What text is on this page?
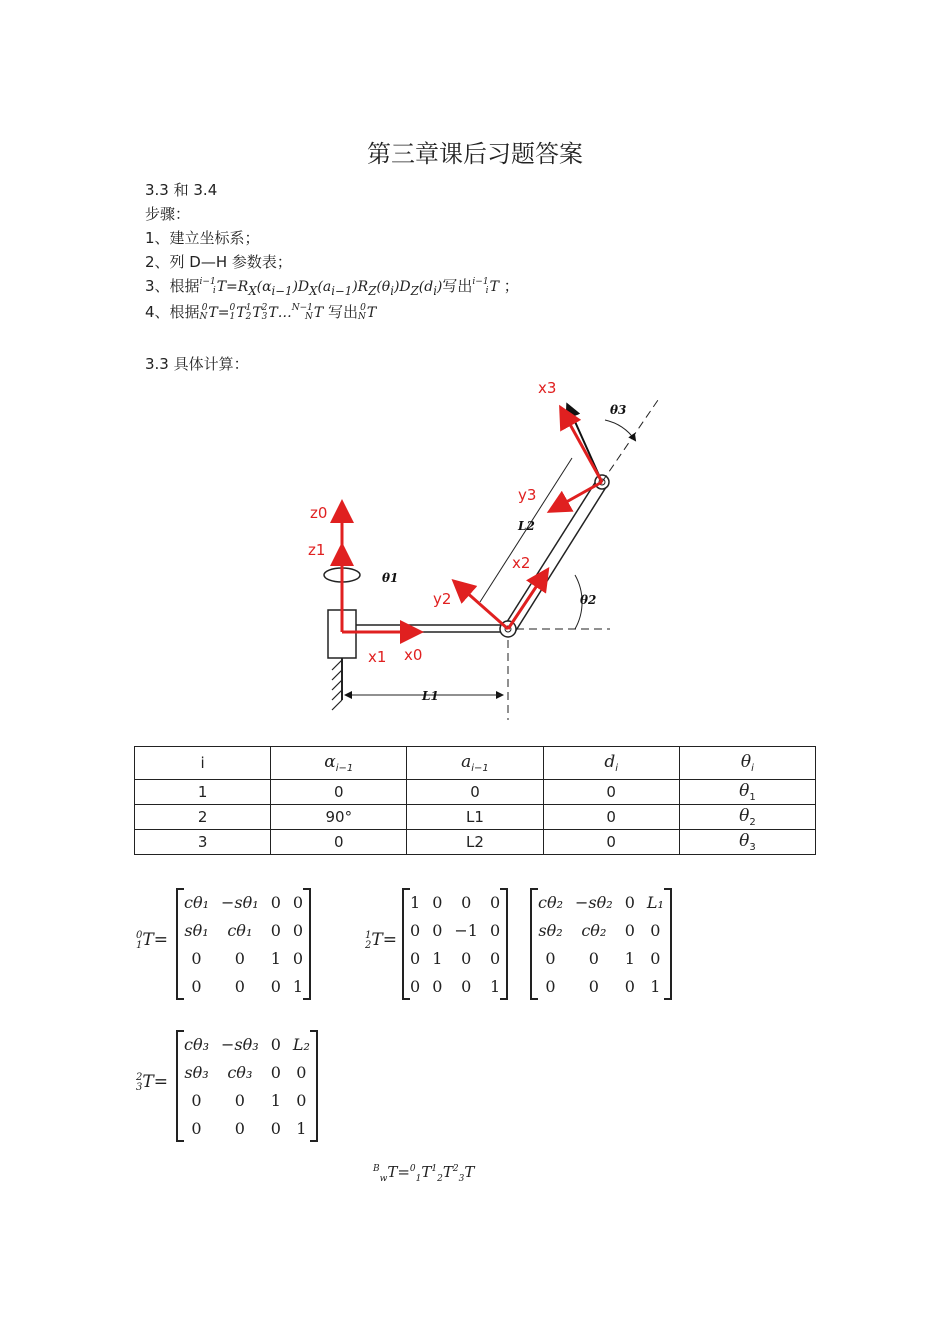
第三章课后习题答案
3.3 和 3.4
步骤：
1、建立坐标系；
2、列 D—H 参数表；
3、根据 i−1
i $T=R_X(\alpha_{i-1})D_X(a_{i-1})R_Z(\theta_i)D_Z(d_i)$写出 i−1
i T ；
4、根据 0
N T= 0
1 T 1
2 T 2
3 T… N−1
N T 写出 0
N T
3.3 具体计算：
z0
z1
x1 x0
x2
y2
x3
y3
θ1
θ2
θ3
L1
L2
i	$\alpha_{i-1}$	$a_{i-1}$	$d_i$	$\theta_i$
1	0	0	0	$\theta_1$
2	90°	L1	0	$\theta_2$
3	0	L2	0	$\theta_3$
0
1 T=
cθ₁	−sθ₁	0	0
sθ₁	cθ₁	0	0
0	0	1	0
0	0	0	1
1
2 T=
1	0	0	0
0	0	−1	0
0	1	0	0
0	0	0	1
cθ₂	−sθ₂	0	L₁
sθ₂	cθ₂	0	0
0	0	1	0
0	0	0	1
2
3 T=
cθ₃	−sθ₃	0	L₂
sθ₃	cθ₃	0	0
0	0	1	0
0	0	0	1
$^B_wT=^0_1T^1_2T^2_3T$
